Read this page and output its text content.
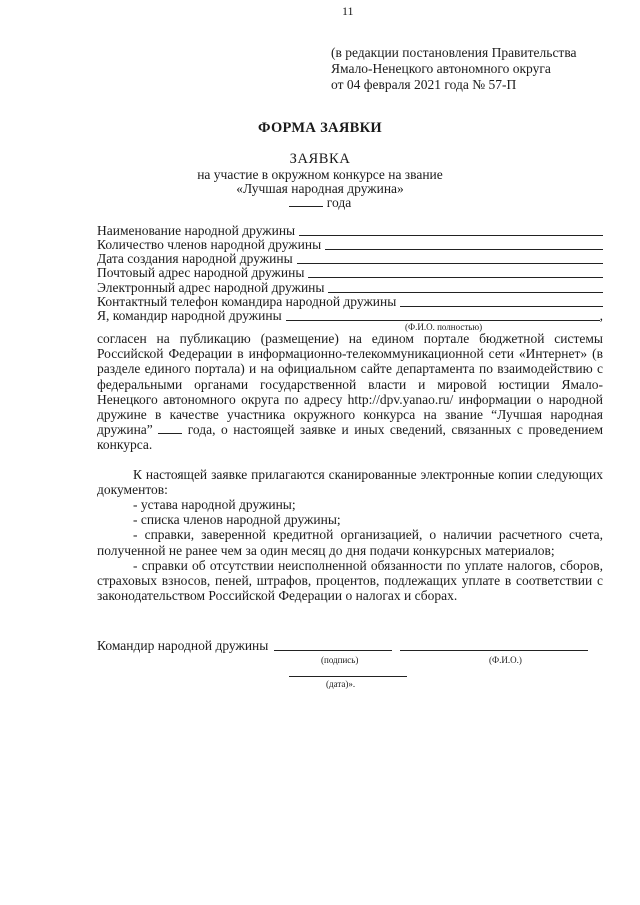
11
(в редакции постановления Правительства
Ямало-Ненецкого автономного округа
от 04 февраля 2021 года № 57-П
ФОРМА ЗАЯВКИ
ЗАЯВКА
на участие в окружном конкурсе на звание
«Лучшая народная дружина»
года
Наименование народной дружины
Количество членов народной дружины
Дата создания народной дружины
Почтовый адрес народной дружины
Электронный адрес народной дружины
Контактный телефон командира народной дружины
Я, командир народной дружины	,
(Ф.И.О. полностью)
согласен на публикацию (размещение) на едином портале бюджетной системы Российской Федерации в информационно-телекоммуникационной сети «Интернет» (в разделе единого портала) и на официальном сайте департамента по взаимодействию с федеральными органами государственной власти и мировой юстиции Ямало-Ненецкого автономного округа по адресу http://dpv.yanao.ru/ информации о народной дружине в качестве участника окружного конкурса на звание “Лучшая народная дружина”	года, о настоящей заявке и иных сведений, связанных с проведением конкурса.
К настоящей заявке прилагаются сканированные электронные копии следующих документов:
- устава народной дружины;
- списка членов народной дружины;
- справки, заверенной кредитной организацией, о наличии расчетного счета, полученной не ранее чем за один месяц до дня подачи конкурсных материалов;
- справки об отсутствии неисполненной обязанности по уплате налогов, сборов, страховых взносов, пеней, штрафов, процентов, подлежащих уплате в соответствии с законодательством Российской Федерации о налогах и сборах.
Командир народной дружины
(подпись)	(Ф.И.О.)
(дата)».
